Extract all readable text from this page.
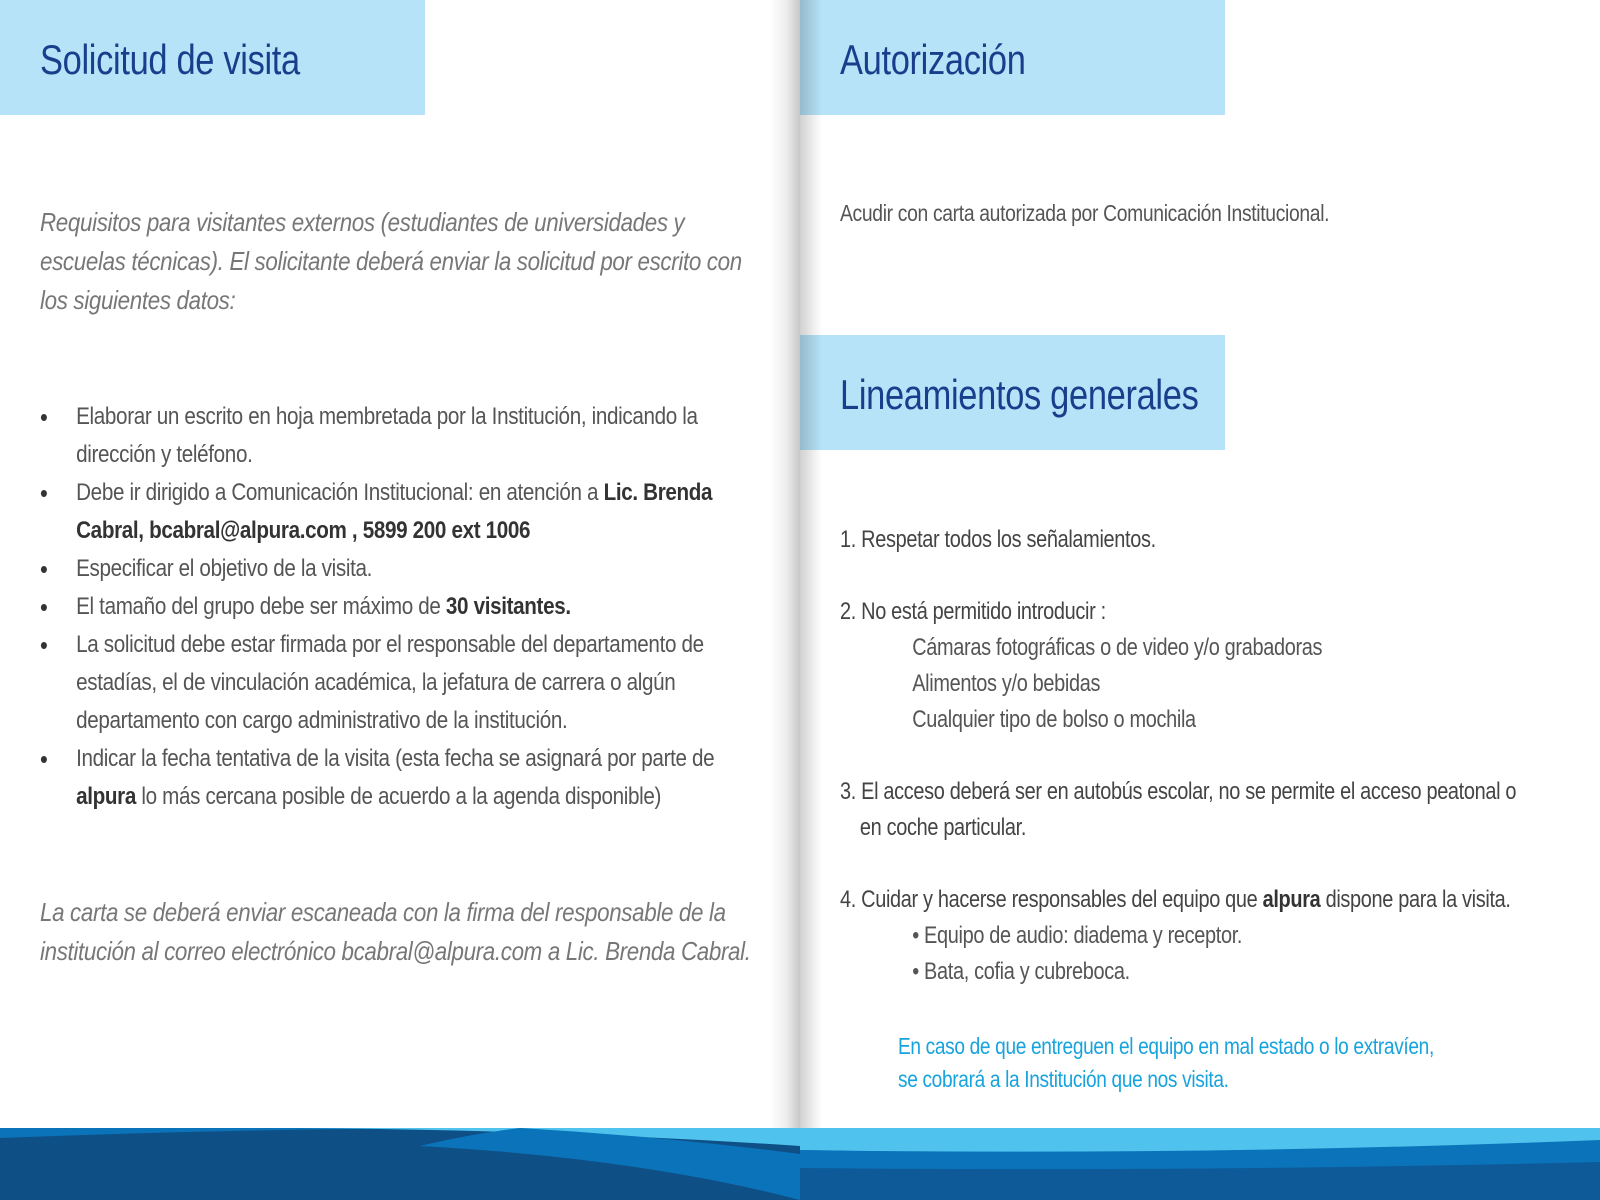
Solicitud de visita
Requisitos para visitantes externos (estudiantes de universidades y escuelas técnicas). El solicitante deberá enviar la solicitud por escrito con los siguientes datos:
• Elaborar un escrito en hoja membretada por la Institución, indicando la dirección y teléfono.
• Debe ir dirigido a Comunicación Institucional: en atención a Lic. Brenda Cabral, bcabral@alpura.com , 5899 200 ext 1006
• Especificar el objetivo de la visita.
• El tamaño del grupo debe ser máximo de 30 visitantes.
• La solicitud debe estar firmada por el responsable del departamento de estadías, el de vinculación académica, la jefatura de carrera o algún departamento con cargo administrativo de la institución.
• Indicar la fecha tentativa de la visita (esta fecha se asignará por parte de alpura lo más cercana posible de acuerdo a la agenda disponible)
La carta se deberá enviar escaneada con la firma del responsable de la institución al correo electrónico bcabral@alpura.com a Lic. Brenda Cabral.
Autorización
Lineamientos generales
Acudir con carta autorizada por Comunicación Institucional.
1. Respetar todos los señalamientos.
2. No está permitido introducir :
Cámaras fotográficas o de video y/o grabadoras
Alimentos y/o bebidas
Cualquier tipo de bolso o mochila
3. El acceso deberá ser en autobús escolar, no se permite el acceso peatonal o
en coche particular.
4. Cuidar y hacerse responsables del equipo que alpura dispone para la visita.
• Equipo de audio: diadema y receptor.
• Bata, cofia y cubreboca.
En caso de que entreguen el equipo en mal estado o lo extravíen,
se cobrará a la Institución que nos visita.
